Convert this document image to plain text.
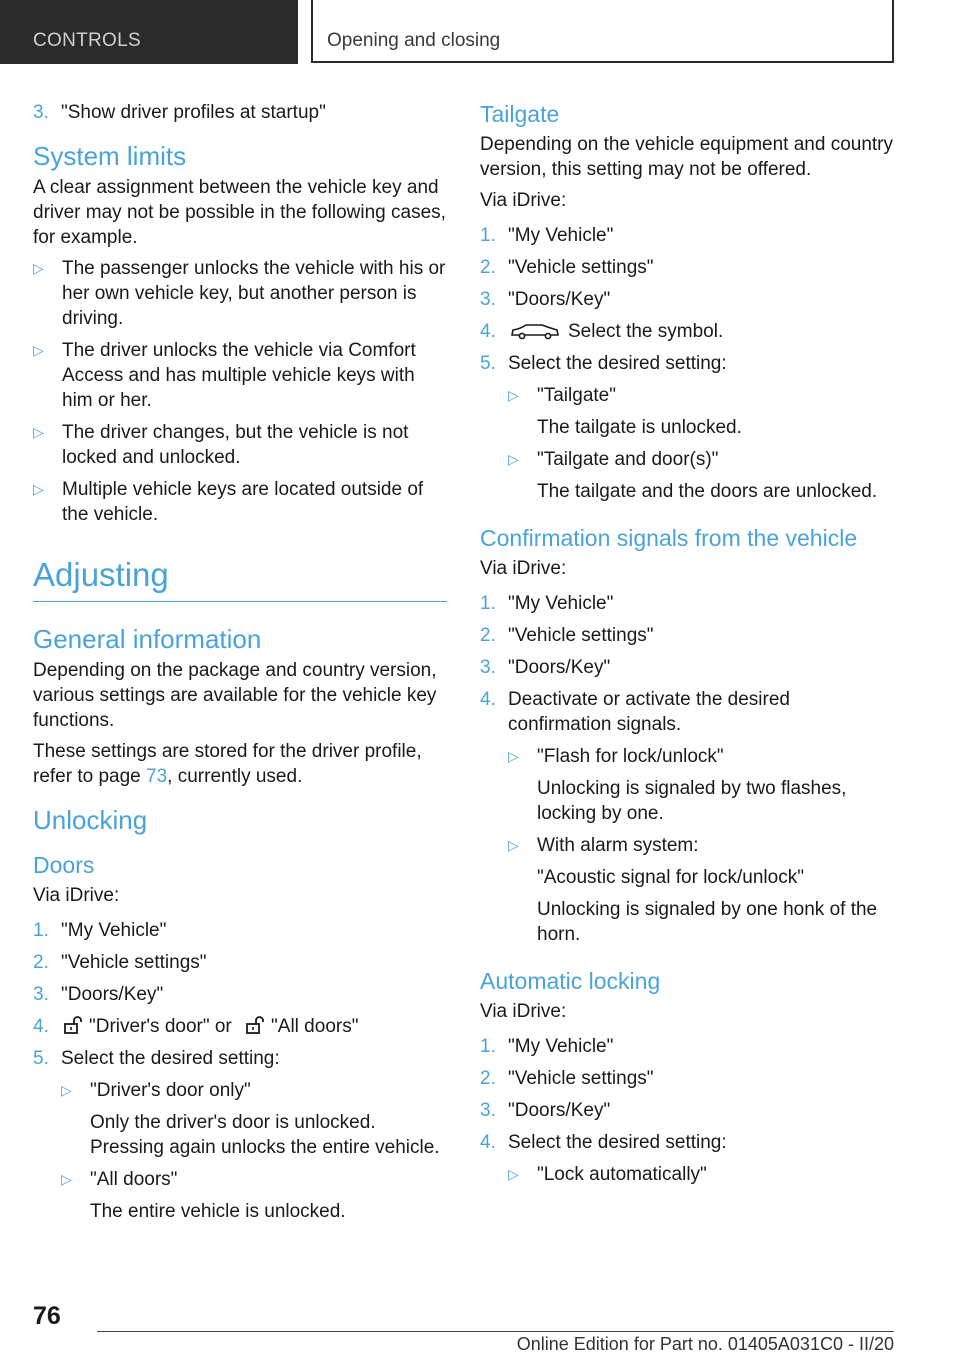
CONTROLS	Opening and closing
3. "Show driver profiles at startup"
System limits

A clear assignment between the vehicle key and driver may not be possible in the following cases, for example.

▷ The passenger unlocks the vehicle with his or her own vehicle key, but another person is driving.
▷ The driver unlocks the vehicle via Comfort Access and has multiple vehicle keys with him or her.
▷ The driver changes, but the vehicle is not locked and unlocked.
▷ Multiple vehicle keys are located outside of the vehicle.
Adjusting
General information

Depending on the package and country version, various settings are available for the vehicle key functions.

These settings are stored for the driver profile, refer to page 73, currently used.

Unlocking
Doors

Via iDrive:

1. "My Vehicle"
2. "Vehicle settings"
3. "Doors/Key"
4.	"Driver's door" or "All doors"
5. Select the desired setting:
▷ "Driver's door only"
Only the driver's door is unlocked. Pressing again unlocks the entire vehicle.
▷ "All doors"
The entire vehicle is unlocked.
Tailgate

Depending on the vehicle equipment and country version, this setting may not be offered.

Via iDrive:

1. "My Vehicle"
2. "Vehicle settings"
3. "Doors/Key"
4.	Select the symbol.
5. Select the desired setting:
▷ "Tailgate"
The tailgate is unlocked.
▷ "Tailgate and door(s)"
The tailgate and the doors are unlocked.
Confirmation signals from the vehicle

Via iDrive:

1. "My Vehicle"
2. "Vehicle settings"
3. "Doors/Key"
4. Deactivate or activate the desired confirmation signals.
▷ "Flash for lock/unlock"
Unlocking is signaled by two flashes, locking by one.
▷ With alarm system:
"Acoustic signal for lock/unlock"
Unlocking is signaled by one honk of the horn.
Automatic locking

Via iDrive:

1. "My Vehicle"
2. "Vehicle settings"
3. "Doors/Key"
4. Select the desired setting:
▷ "Lock automatically"
76
Online Edition for Part no. 01405A031C0 - II/20
